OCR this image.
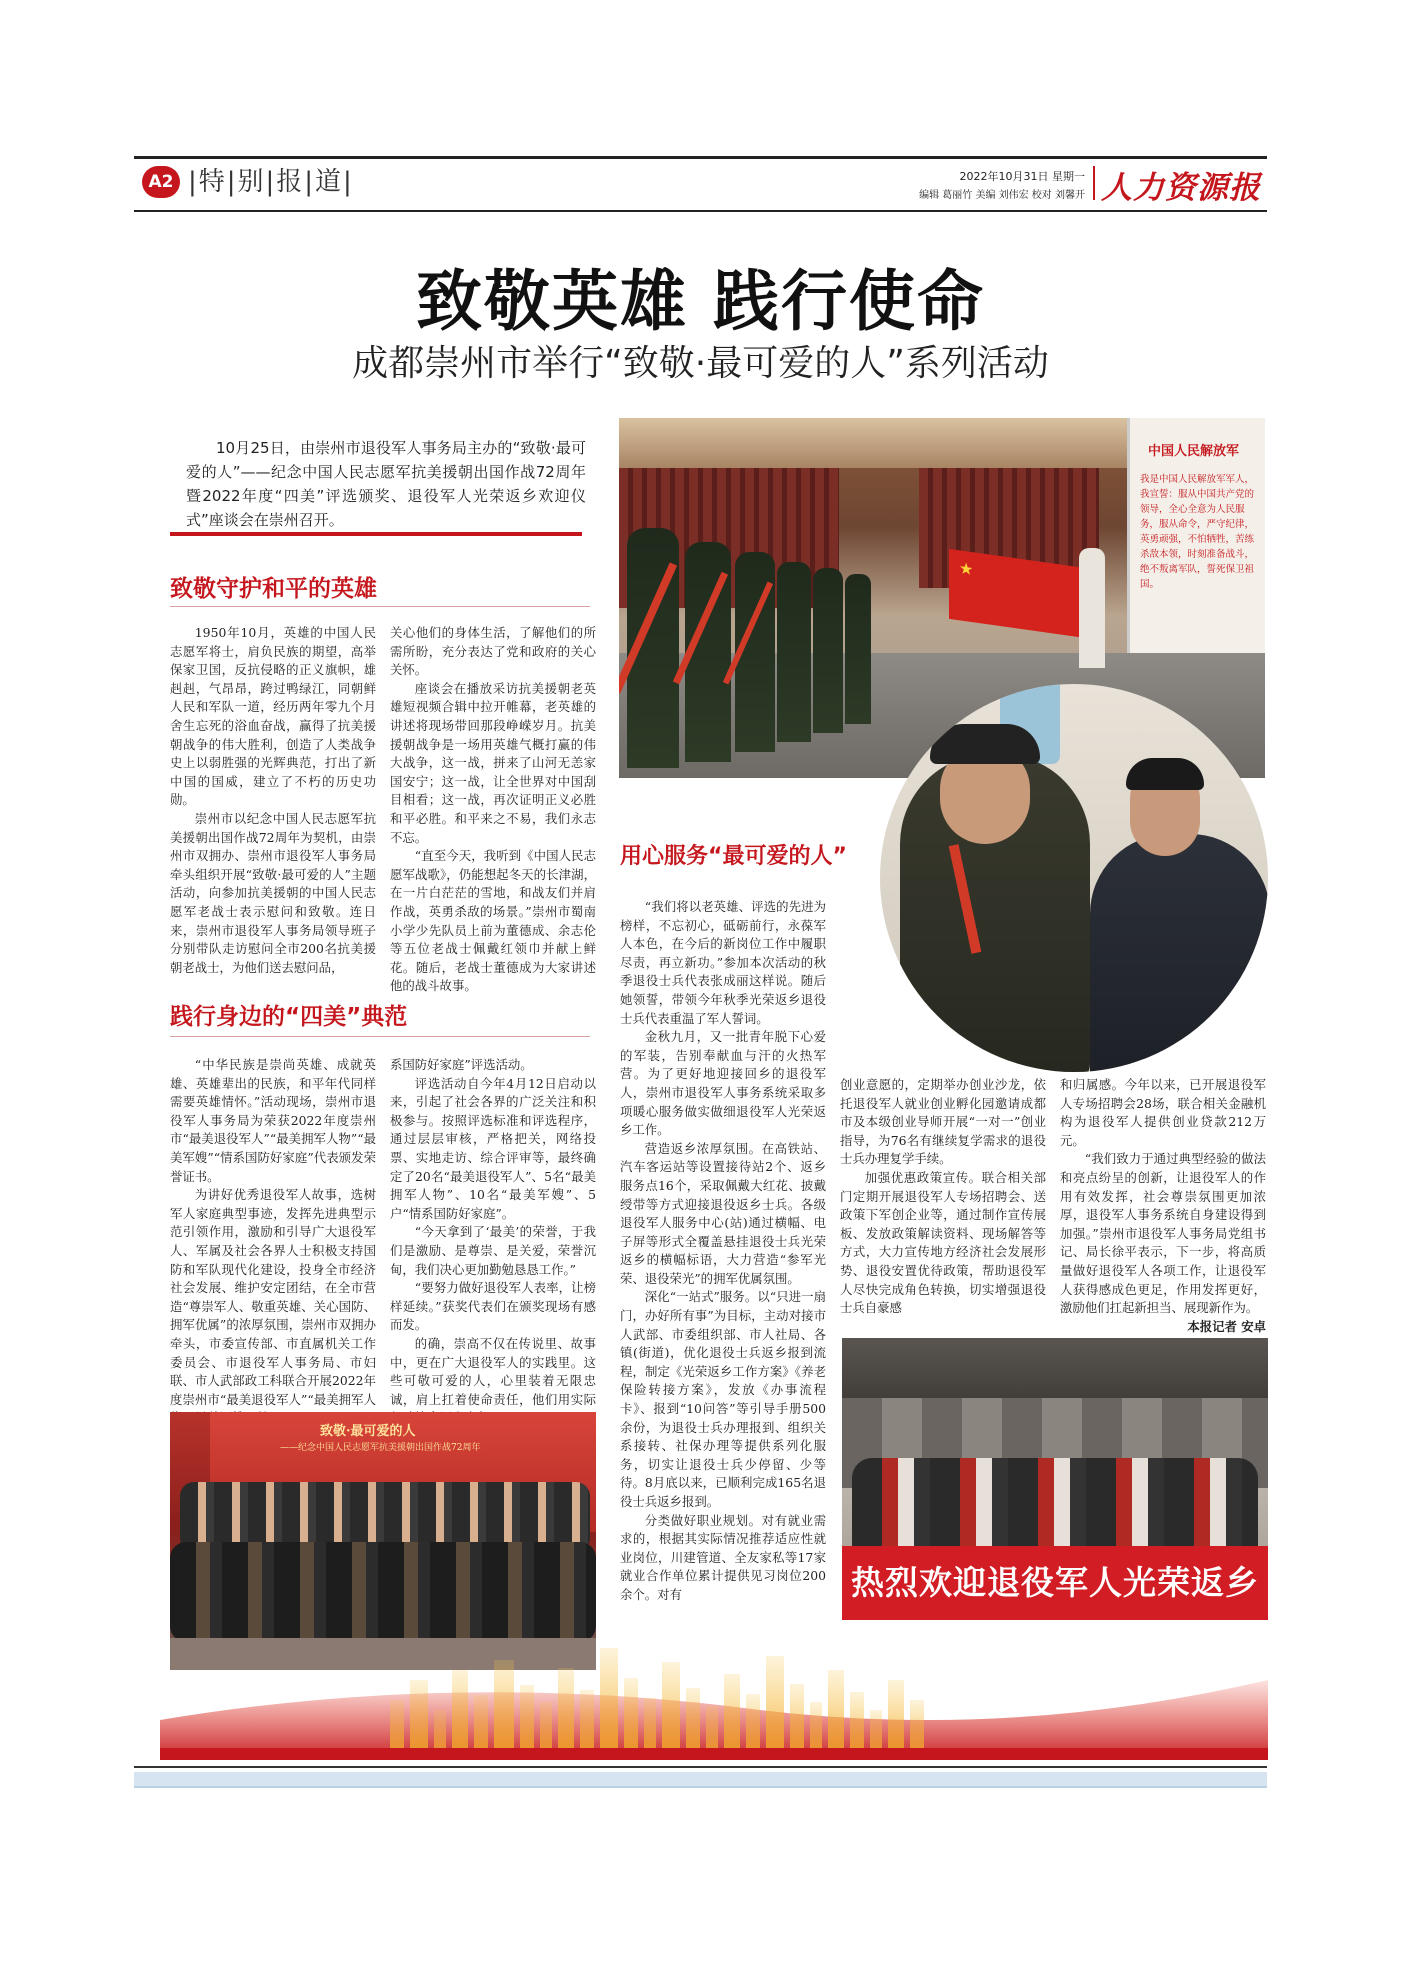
A2 |特|别|报|道|	2022年10月31日 星期一
编辑 葛丽竹 美编 刘伟宏 校对 刘馨开 人力资源报
致敬英雄 践行使命
成都崇州市举行“致敬·最可爱的人”系列活动
10月25日，由崇州市退役军人事务局主办的“致敬·最可爱的人”——纪念中国人民志愿军抗美援朝出国作战72周年暨2022年度“四美”评选颁奖、退役军人光荣返乡欢迎仪式”座谈会在崇州召开。
中国人民解放军
我是中国人民解放军军人，我宣誓：服从中国共产党的领导，全心全意为人民服务，服从命令，严守纪律，英勇顽强，不怕牺牲，苦练杀敌本领，时刻准备战斗，绝不叛离军队，誓死保卫祖国。
★
致敬守护和平的英雄

1950年10月，英雄的中国人民志愿军将士，肩负民族的期望，高举保家卫国，反抗侵略的正义旗帜，雄赳赳，气昂昂，跨过鸭绿江，同朝鲜人民和军队一道，经历两年零九个月舍生忘死的浴血奋战，赢得了抗美援朝战争的伟大胜利，创造了人类战争史上以弱胜强的光辉典范，打出了新中国的国威，建立了不朽的历史功勋。

崇州市以纪念中国人民志愿军抗美援朝出国作战72周年为契机，由崇州市双拥办、崇州市退役军人事务局牵头组织开展“致敬·最可爱的人”主题活动，向参加抗美援朝的中国人民志愿军老战士表示慰问和致敬。连日来，崇州市退役军人事务局领导班子分别带队走访慰问全市200名抗美援朝老战士，为他们送去慰问品，

关心他们的身体生活，了解他们的所需所盼，充分表达了党和政府的关心关怀。

座谈会在播放采访抗美援朝老英雄短视频合辑中拉开帷幕，老英雄的讲述将现场带回那段峥嵘岁月。抗美援朝战争是一场用英雄气概打赢的伟大战争，这一战，拼来了山河无恙家国安宁；这一战，让全世界对中国刮目相看；这一战，再次证明正义必胜和平必胜。和平来之不易，我们永志不忘。

“直至今天，我听到《中国人民志愿军战歌》，仍能想起冬天的长津湖，在一片白茫茫的雪地，和战友们并肩作战，英勇杀敌的场景。”崇州市蜀南小学少先队员上前为董德成、余志伦等五位老战士佩戴红领巾并献上鲜花。随后，老战士董德成为大家讲述他的战斗故事。

用心服务“最可爱的人”
践行身边的“四美”典范

“中华民族是崇尚英雄、成就英雄、英雄辈出的民族，和平年代同样需要英雄情怀。”活动现场，崇州市退役军人事务局为荣获2022年度崇州市“最美退役军人”“最美拥军人物”“最美军嫂”“情系国防好家庭”代表颁发荣誉证书。

为讲好优秀退役军人故事，选树军人家庭典型事迹，发挥先进典型示范引领作用，激励和引导广大退役军人、军属及社会各界人士积极支持国防和军队现代化建设，投身全市经济社会发展、维护安定团结，在全市营造“尊崇军人、敬重英雄、关心国防、拥军优属”的浓厚氛围，崇州市双拥办牵头，市委宣传部、市直属机关工作委员会、市退役军人事务局、市妇联、市人武部政工科联合开展2022年度崇州市“最美退役军人”“最美拥军人

系国防好家庭”评选活动。

评选活动自今年4月12日启动以来，引起了社会各界的广泛关注和积极参与。按照评选标准和评选程序，通过层层审核，严格把关，网络投票、实地走访、综合评审等，最终确定了20名“最美退役军人”、5名“最美拥军人物”、10名“最美军嫂”、5户“情系国防好家庭”。

“今天拿到了‘最美’的荣誉，于我们是激励、是尊崇、是关爱，荣誉沉甸，我们决心更加勤勉恳恳工作。”

“要努力做好退役军人表率，让榜样延续。”获奖代表们在颁奖现场有感而发。

的确，崇高不仅在传说里、故事中，更在广大退役军人的实践里。这些可敬可爱的人，心里装着无限忠诚，肩上扛着使命责任，他们用实际

“我们将以老英雄、评选的先进为榜样，不忘初心，砥砺前行，永葆军人本色，在今后的新岗位工作中履职尽责，再立新功。”参加本次活动的秋季退役士兵代表张成丽这样说。随后她领誓，带领今年秋季光荣返乡退役士兵代表重温了军人誓词。

金秋九月，又一批青年脱下心爱的军装，告别奉献血与汗的火热军营。为了更好地迎接回乡的退役军人，崇州市退役军人事务系统采取多项暖心服务做实做细退役军人光荣返乡工作。

营造返乡浓厚氛围。在高铁站、汽车客运站等设置接待站2个、返乡服务点16个，采取佩戴大红花、披戴绶带等方式迎接退役返乡士兵。各级退役军人服务中心(站)通过横幅、电子屏等形式全覆盖悬挂退役士兵光荣返乡的横幅标语，大力营造“参军光荣、退役荣光”的拥军优属氛围。

深化“一站式”服务。以“只进一扇门，办好所有事”为目标，主动对接市人武部、市委组织部、市人社局、各镇(街道)，优化退役士兵返乡报到流程，制定《光荣返乡工作方案》《养老保险转接方案》，发放《办事流程卡》、报到“10问答”等引导手册500余份，为退役士兵办理报到、组织关系接转、社保办理等提供系列化服务，切实让退役士兵少停留、少等待。8月底以来，已顺利完成165名退役士兵返乡报到。

分类做好职业规划。对有就业需求的，根据其实际情况推荐适应性就业岗位，川建管道、全友家私等17家就业合作单位累计提供见习岗位200余个。对有

创业意愿的，定期举办创业沙龙，依托退役军人就业创业孵化园邀请成都市及本级创业导师开展“一对一”创业指导，为76名有继续复学需求的退役士兵办理复学手续。

加强优惠政策宣传。联合相关部门定期开展退役军人专场招聘会、送政策下军创企业等，通过制作宣传展板、发放政策解读资料、现场解答等方式，大力宣传地方经济社会发展形势、退役安置优待政策，帮助退役军人尽快完成角色转换，切实增强退役士兵自豪感

和归属感。今年以来，已开展退役军人专场招聘会28场，联合相关金融机构为退役军人提供创业贷款212万元。

“我们致力于通过典型经验的做法和亮点纷呈的创新，让退役军人的作用有效发挥，社会尊崇氛围更加浓厚，退役军人事务系统自身建设得到加强。”崇州市退役军人事务局党组书记、局长徐平表示，下一步，将高质量做好退役军人各项工作，让退役军人获得感成色更足，作用发挥更好，激励他们扛起新担当、展现新作为。

本报记者 安卓
致敬·最可爱的人
——纪念中国人民志愿军抗美援朝出国作战72周年
热烈欢迎退役军人光荣返乡
